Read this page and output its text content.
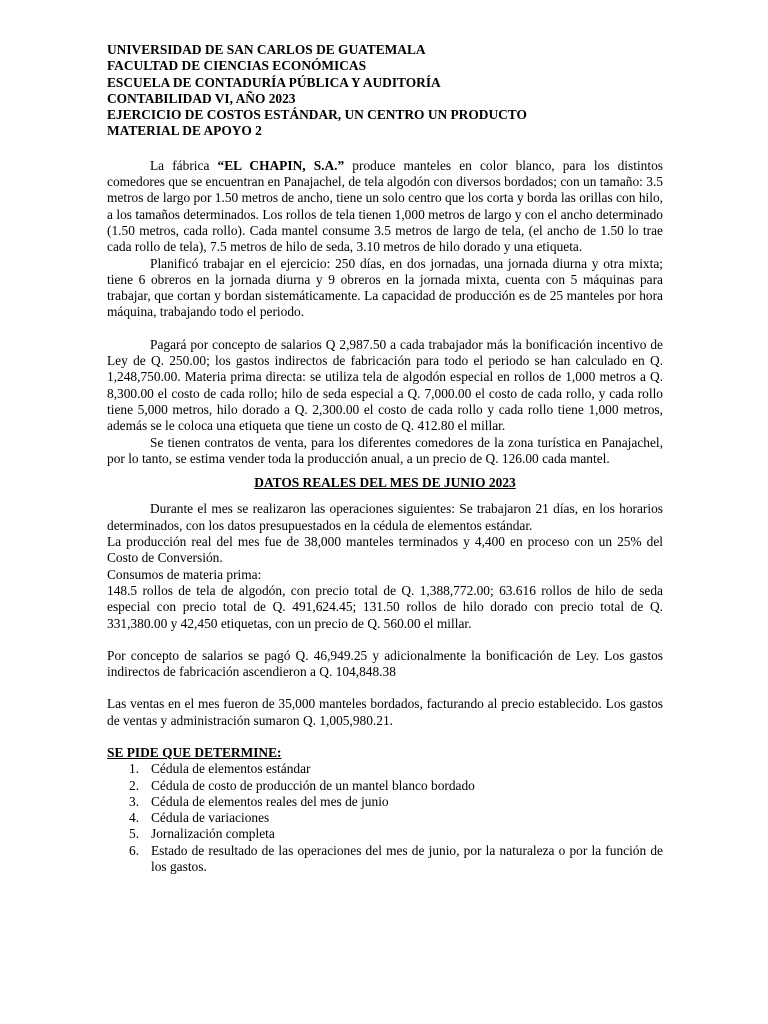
UNIVERSIDAD DE SAN CARLOS DE GUATEMALA

FACULTAD DE CIENCIAS ECONÓMICAS

ESCUELA DE CONTADURÍA PÚBLICA Y AUDITORÍA

CONTABILIDAD VI, AÑO 2023

EJERCICIO DE COSTOS ESTÁNDAR, UN CENTRO UN PRODUCTO

MATERIAL DE APOYO 2

La fábrica “EL CHAPIN, S.A.” produce manteles en color blanco, para los distintos comedores que se encuentran en Panajachel, de tela algodón con diversos bordados; con un tamaño: 3.5 metros de largo por 1.50 metros de ancho, tiene un solo centro que los corta y borda las orillas con hilo, a los tamaños determinados. Los rollos de tela tienen 1,000 metros de largo y con el ancho determinado (1.50 metros, cada rollo). Cada mantel consume 3.5 metros de largo de tela, (el ancho de 1.50 lo trae cada rollo de tela), 7.5 metros de hilo de seda, 3.10 metros de hilo dorado y una etiqueta.

Planificó trabajar en el ejercicio: 250 días, en dos jornadas, una jornada diurna y otra mixta; tiene 6 obreros en la jornada diurna y 9 obreros en la jornada mixta, cuenta con 5 máquinas para trabajar, que cortan y bordan sistemáticamente. La capacidad de producción es de 25 manteles por hora máquina, trabajando todo el periodo.

Pagará por concepto de salarios Q 2,987.50 a cada trabajador más la bonificación incentivo de Ley de Q. 250.00; los gastos indirectos de fabricación para todo el periodo se han calculado en Q. 1,248,750.00. Materia prima directa: se utiliza tela de algodón especial en rollos de 1,000 metros a Q. 8,300.00 el costo de cada rollo; hilo de seda especial a Q. 7,000.00 el costo de cada rollo, y cada rollo tiene 5,000 metros, hilo dorado a Q. 2,300.00 el costo de cada rollo y cada rollo tiene 1,000 metros, además se le coloca una etiqueta que tiene un costo de Q. 412.80 el millar.

Se tienen contratos de venta, para los diferentes comedores de la zona turística en Panajachel, por lo tanto, se estima vender toda la producción anual, a un precio de Q. 126.00 cada mantel.

DATOS REALES DEL MES DE JUNIO 2023

Durante el mes se realizaron las operaciones siguientes: Se trabajaron 21 días, en los horarios determinados, con los datos presupuestados en la cédula de elementos estándar.

La producción real del mes fue de 38,000 manteles terminados y 4,400 en proceso con un 25% del Costo de Conversión.

Consumos de materia prima:

148.5 rollos de tela de algodón, con precio total de Q. 1,388,772.00; 63.616 rollos de hilo de seda especial con precio total de Q. 491,624.45; 131.50 rollos de hilo dorado con precio total de Q. 331,380.00 y 42,450 etiquetas, con un precio de Q. 560.00 el millar.

Por concepto de salarios se pagó Q. 46,949.25 y adicionalmente la bonificación de Ley. Los gastos indirectos de fabricación ascendieron a Q. 104,848.38

Las ventas en el mes fueron de 35,000 manteles bordados, facturando al precio establecido. Los gastos de ventas y administración sumaron Q. 1,005,980.21.

SE PIDE QUE DETERMINE:

1. Cédula de elementos estándar
2. Cédula de costo de producción de un mantel blanco bordado
3. Cédula de elementos reales del mes de junio
4. Cédula de variaciones
5. Jornalización completa
6. Estado de resultado de las operaciones del mes de junio, por la naturaleza o por la función de los gastos.
